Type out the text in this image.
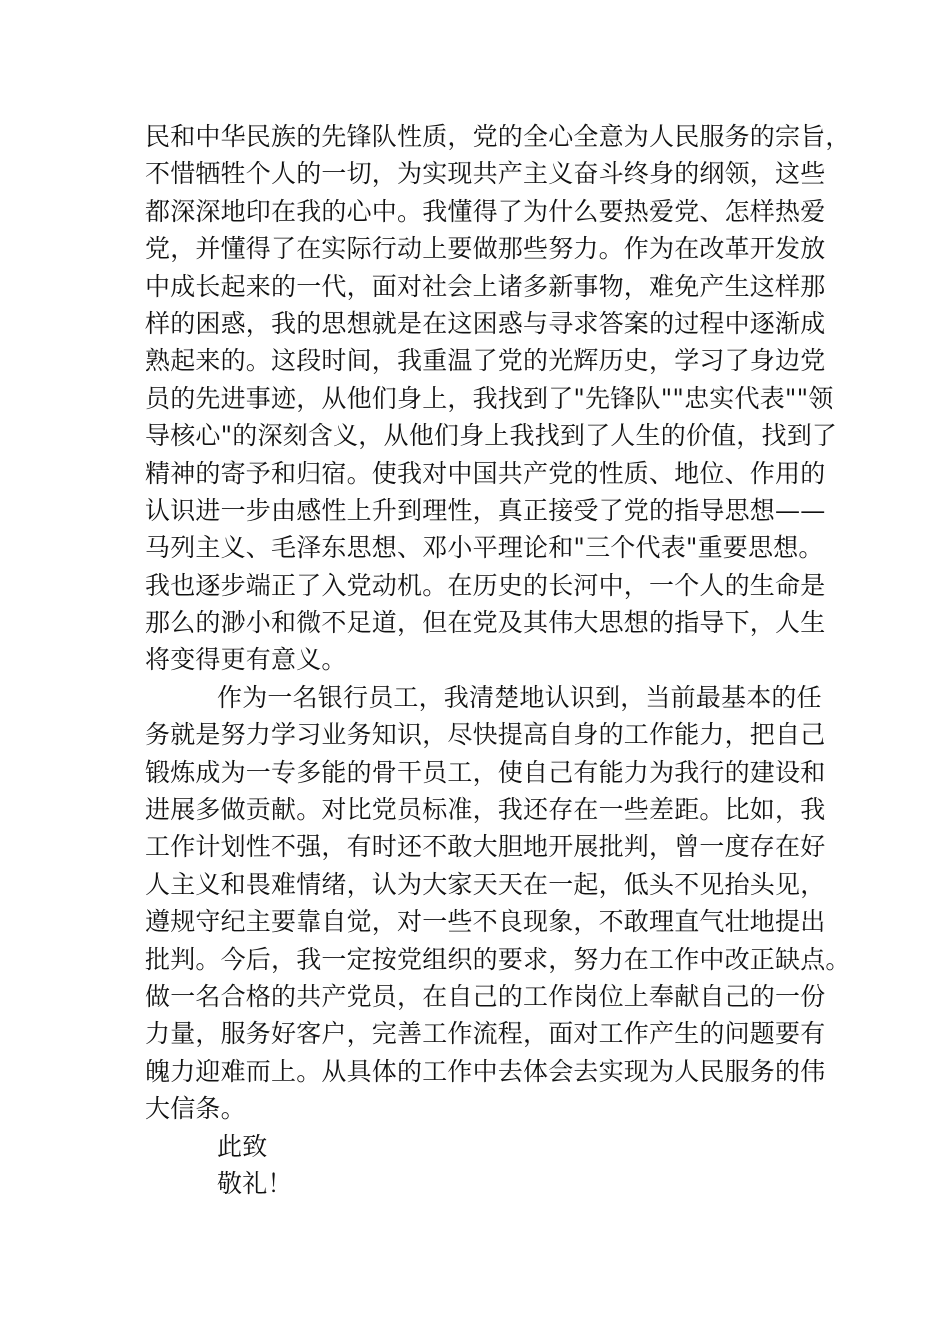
民和中华民族的先锋队性质，党的全心全意为人民服务的宗旨，
不惜牺牲个人的一切，为实现共产主义奋斗终身的纲领，这些
都深深地印在我的心中。我懂得了为什么要热爱党、怎样热爱
党，并懂得了在实际行动上要做那些努力。作为在改革开发放
中成长起来的一代，面对社会上诸多新事物，难免产生这样那
样的困惑，我的思想就是在这困惑与寻求答案的过程中逐渐成
熟起来的。这段时间，我重温了党的光辉历史，学习了身边党
员的先进事迹，从他们身上，我找到了"先锋队""忠实代表""领
导核心"的深刻含义，从他们身上我找到了人生的价值，找到了
精神的寄予和归宿。使我对中国共产党的性质、地位、作用的
认识进一步由感性上升到理性，真正接受了党的指导思想——
马列主义、毛泽东思想、邓小平理论和"三个代表"重要思想。
我也逐步端正了入党动机。在历史的长河中，一个人的生命是
那么的渺小和微不足道，但在党及其伟大思想的指导下，人生
将变得更有意义。
作为一名银行员工，我清楚地认识到，当前最基本的任
务就是努力学习业务知识，尽快提高自身的工作能力，把自己
锻炼成为一专多能的骨干员工，使自己有能力为我行的建设和
进展多做贡献。对比党员标准，我还存在一些差距。比如，我
工作计划性不强，有时还不敢大胆地开展批判，曾一度存在好
人主义和畏难情绪，认为大家天天在一起，低头不见抬头见，
遵规守纪主要靠自觉，对一些不良现象，不敢理直气壮地提出
批判。今后，我一定按党组织的要求，努力在工作中改正缺点。
做一名合格的共产党员，在自己的工作岗位上奉献自己的一份
力量，服务好客户，完善工作流程，面对工作产生的问题要有
魄力迎难而上。从具体的工作中去体会去实现为人民服务的伟
大信条。
此致
敬礼！
